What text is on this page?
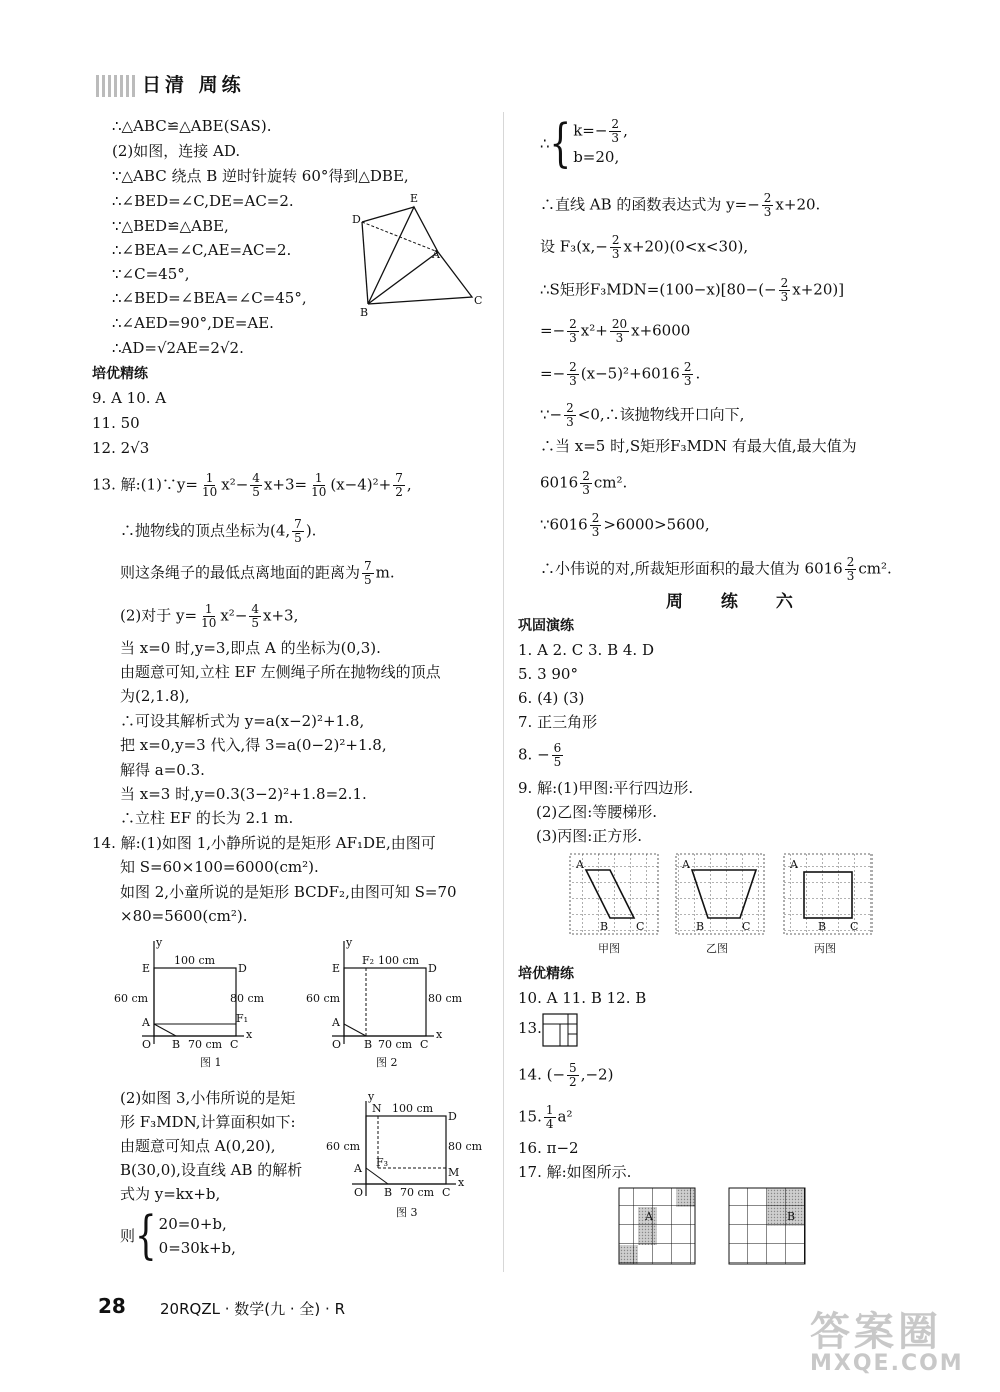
日清 周练
∴△ABC≌△ABE(SAS).
(2)如图，连接 AD.
∵△ABC 绕点 B 逆时针旋转 60°得到△DBE,
∴∠BED=∠C,DE=AC=2.
∵△BED≌△ABE,
∴∠BEA=∠C,AE=AC=2.
∵∠C=45°,
∴∠BED=∠BEA=∠C=45°,
∴∠AED=90°,DE=AE.
∴AD=√2AE=2√2.
E
D
A
B
C
培优精练
9. A 10. A
11. 50
12. 2√3
13. 解:(1)∵y= $\frac{1}{10} x^2- \frac{4}{5} x+3= \frac{1}{10} (x-4)^2+ \frac{7}{2}$ ,
∴抛物线的顶点坐标为(4, $\frac{7}{5}$ ).
则这条绳子的最低点离地面的距离为 $\frac{7}{5} m$.
(2)对于 $y= \frac{1}{10} x^2- \frac{4}{5} x+3$,
当 x=0 时,y=3,即点 A 的坐标为(0,3).
由题意可知,立柱 EF 左侧绳子所在抛物线的顶点
为(2,1.8),
∴可设其解析式为 y=a(x−2)²+1.8,
把 x=0,y=3 代入,得 3=a(0−2)²+1.8,
解得 a=0.3.
当 x=3 时,y=0.3(3−2)²+1.8=2.1.
∴立柱 EF 的长为 2.1 m.
14. 解:(1)如图 1,小静所说的是矩形 AF₁DE,由图可
知 S=60×100=6000(cm²).
如图 2,小童所说的是矩形 BCDF₂,由图可知 S=70
×80=5600(cm²).
y
x
100 cm
60 cm	80 cm
70 cm
E	D
A	F₁
O B	C
图 1
y
x
F₂ 100 cm
60 cm	80 cm
70 cm
E	D
A
O B	C
图 2
(2)如图 3,小伟所说的是矩
形 F₃MDN,计算面积如下:
由题意可知点 A(0,20),
B(30,0),设直线 AB 的解析
式为 y=kx+b,
则{ 20=0+b,
0=30k+b,
y
x
N 100 cm
60 cm	80 cm
D
A F₃
M
O B 70 cm C
图 3
∴{ $k=- \frac{2}{3}$ ,
b=20,
∴直线 AB 的函数表达式为 $y=- \frac{2}{3} x+20$.
设 $F_3(x,- \frac{2}{3} x+20)(0<x<30)$,
∴S矩形$F_3MDN=(100-x)[80-(- \frac{2}{3} x+20)]$
=− $\frac{2}{3} x^2+ \frac{20}{3} x+6000$
=− $\frac{2}{3} (x-5)^2+6016 \frac{2}{3}$ .
∵− $\frac{2}{3}$ <0,∴该抛物线开口向下,
∴当 x=5 时,S矩形F₃MDN 有最大值,最大值为
$6016 \frac{2}{3} cm^2$.
∵6016 $\frac{2}{3} >6000>5600$,
∴小伟说的对,所裁矩形面积的最大值为 $6016 \frac{2}{3} cm^2$.
周 练 六
巩固演练
1. A 2. C 3. B 4. D
5. 3 90°
6. (4) (3)
7. 正三角形
8. − $\frac{6}{5}$
9. 解:(1)甲图:平行四边形.
(2)乙图:等腰梯形.
(3)丙图:正方形.
A
B	C
甲图
A
B	C
乙图
A
B C
丙图
培优精练
10. A 11. B 12. B
13.
14. (− $\frac{5}{2} ,-2$)
15. $\frac{1}{4} a^2$
16. π−2
17. 解:如图所示.
A	B
28 20RQZL · 数学(九 · 全) · R	答案圈
MXQE.COM
